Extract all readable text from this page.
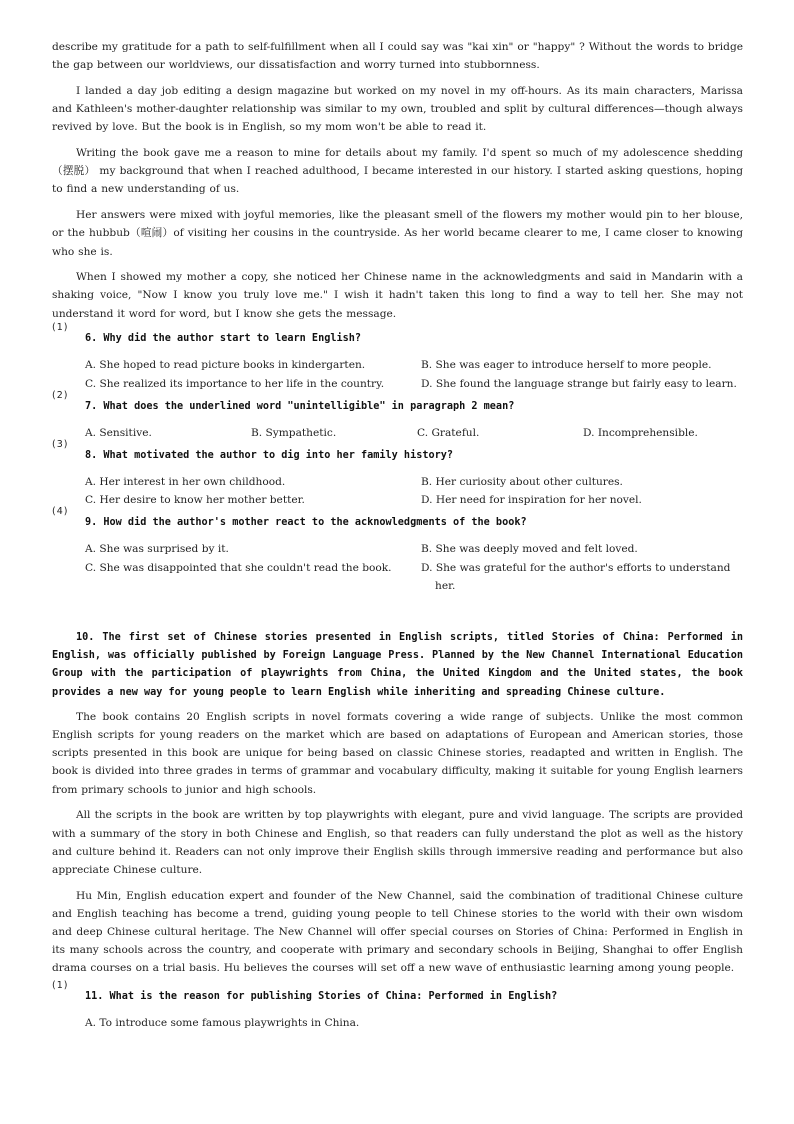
describe my gratitude for a path to self-fulfillment when all I could say was "kai xin" or "happy" ? Without the words to bridge the gap between our worldviews, our dissatisfaction and worry turned into stubbornness.

I landed a day job editing a design magazine but worked on my novel in my off-hours. As its main characters, Marissa and Kathleen's mother-daughter relationship was similar to my own, troubled and split by cultural differences—though always revived by love. But the book is in English, so my mom won't be able to read it.

Writing the book gave me a reason to mine for details about my family. I'd spent so much of my adolescence shedding （摆脱） my background that when I reached adulthood, I became interested in our history. I started asking questions, hoping to find a new understanding of us.

Her answers were mixed with joyful memories, like the pleasant smell of the flowers my mother would pin to her blouse, or the hubbub（喧闹）of visiting her cousins in the countryside. As her world became clearer to me, I came closer to knowing who she is.

When I showed my mother a copy, she noticed her Chinese name in the acknowledgments and said in Mandarin with a shaking voice, "Now I know you truly love me." I wish it hadn't taken this long to find a way to tell her. She may not understand it word for word, but I know she gets the message.

(1)
6. Why did the author start to learn English?
A. She hoped to read picture books in kindergarten.	B. She was eager to introduce herself to more people.
C. She realized its importance to her life in the country.	D. She found the language strange but fairly easy to learn.
(2)
7. What does the underlined word "unintelligible" in paragraph 2 mean?
A. Sensitive.	B. Sympathetic.	C. Grateful.	D. Incomprehensible.
(3)
8. What motivated the author to dig into her family history?
A. Her interest in her own childhood.	B. Her curiosity about other cultures.
C. Her desire to know her mother better.	D. Her need for inspiration for her novel.
(4)
9. How did the author's mother react to the acknowledgments of the book?
A. She was surprised by it.	B. She was deeply moved and felt loved.
C. She was disappointed that she couldn't read the book.	D. She was grateful for the author's efforts to understand her.

10. The first set of Chinese stories presented in English scripts, titled Stories of China: Performed in English, was officially published by Foreign Language Press. Planned by the New Channel International Education Group with the participation of playwrights from China, the United Kingdom and the United states, the book provides a new way for young people to learn English while inheriting and spreading Chinese culture.

The book contains 20 English scripts in novel formats covering a wide range of subjects. Unlike the most common English scripts for young readers on the market which are based on adaptations of European and American stories, those scripts presented in this book are unique for being based on classic Chinese stories, readapted and written in English. The book is divided into three grades in terms of grammar and vocabulary difficulty, making it suitable for young English learners from primary schools to junior and high schools.

All the scripts in the book are written by top playwrights with elegant, pure and vivid language. The scripts are provided with a summary of the story in both Chinese and English, so that readers can fully understand the plot as well as the history and culture behind it. Readers can not only improve their English skills through immersive reading and performance but also appreciate Chinese culture.

Hu Min, English education expert and founder of the New Channel, said the combination of traditional Chinese culture and English teaching has become a trend, guiding young people to tell Chinese stories to the world with their own wisdom and deep Chinese cultural heritage. The New Channel will offer special courses on Stories of China: Performed in English in its many schools across the country, and cooperate with primary and secondary schools in Beijing, Shanghai to offer English drama courses on a trial basis. Hu believes the courses will set off a new wave of enthusiastic learning among young people.

(1)
11. What is the reason for publishing Stories of China: Performed in English?
A. To introduce some famous playwrights in China.
